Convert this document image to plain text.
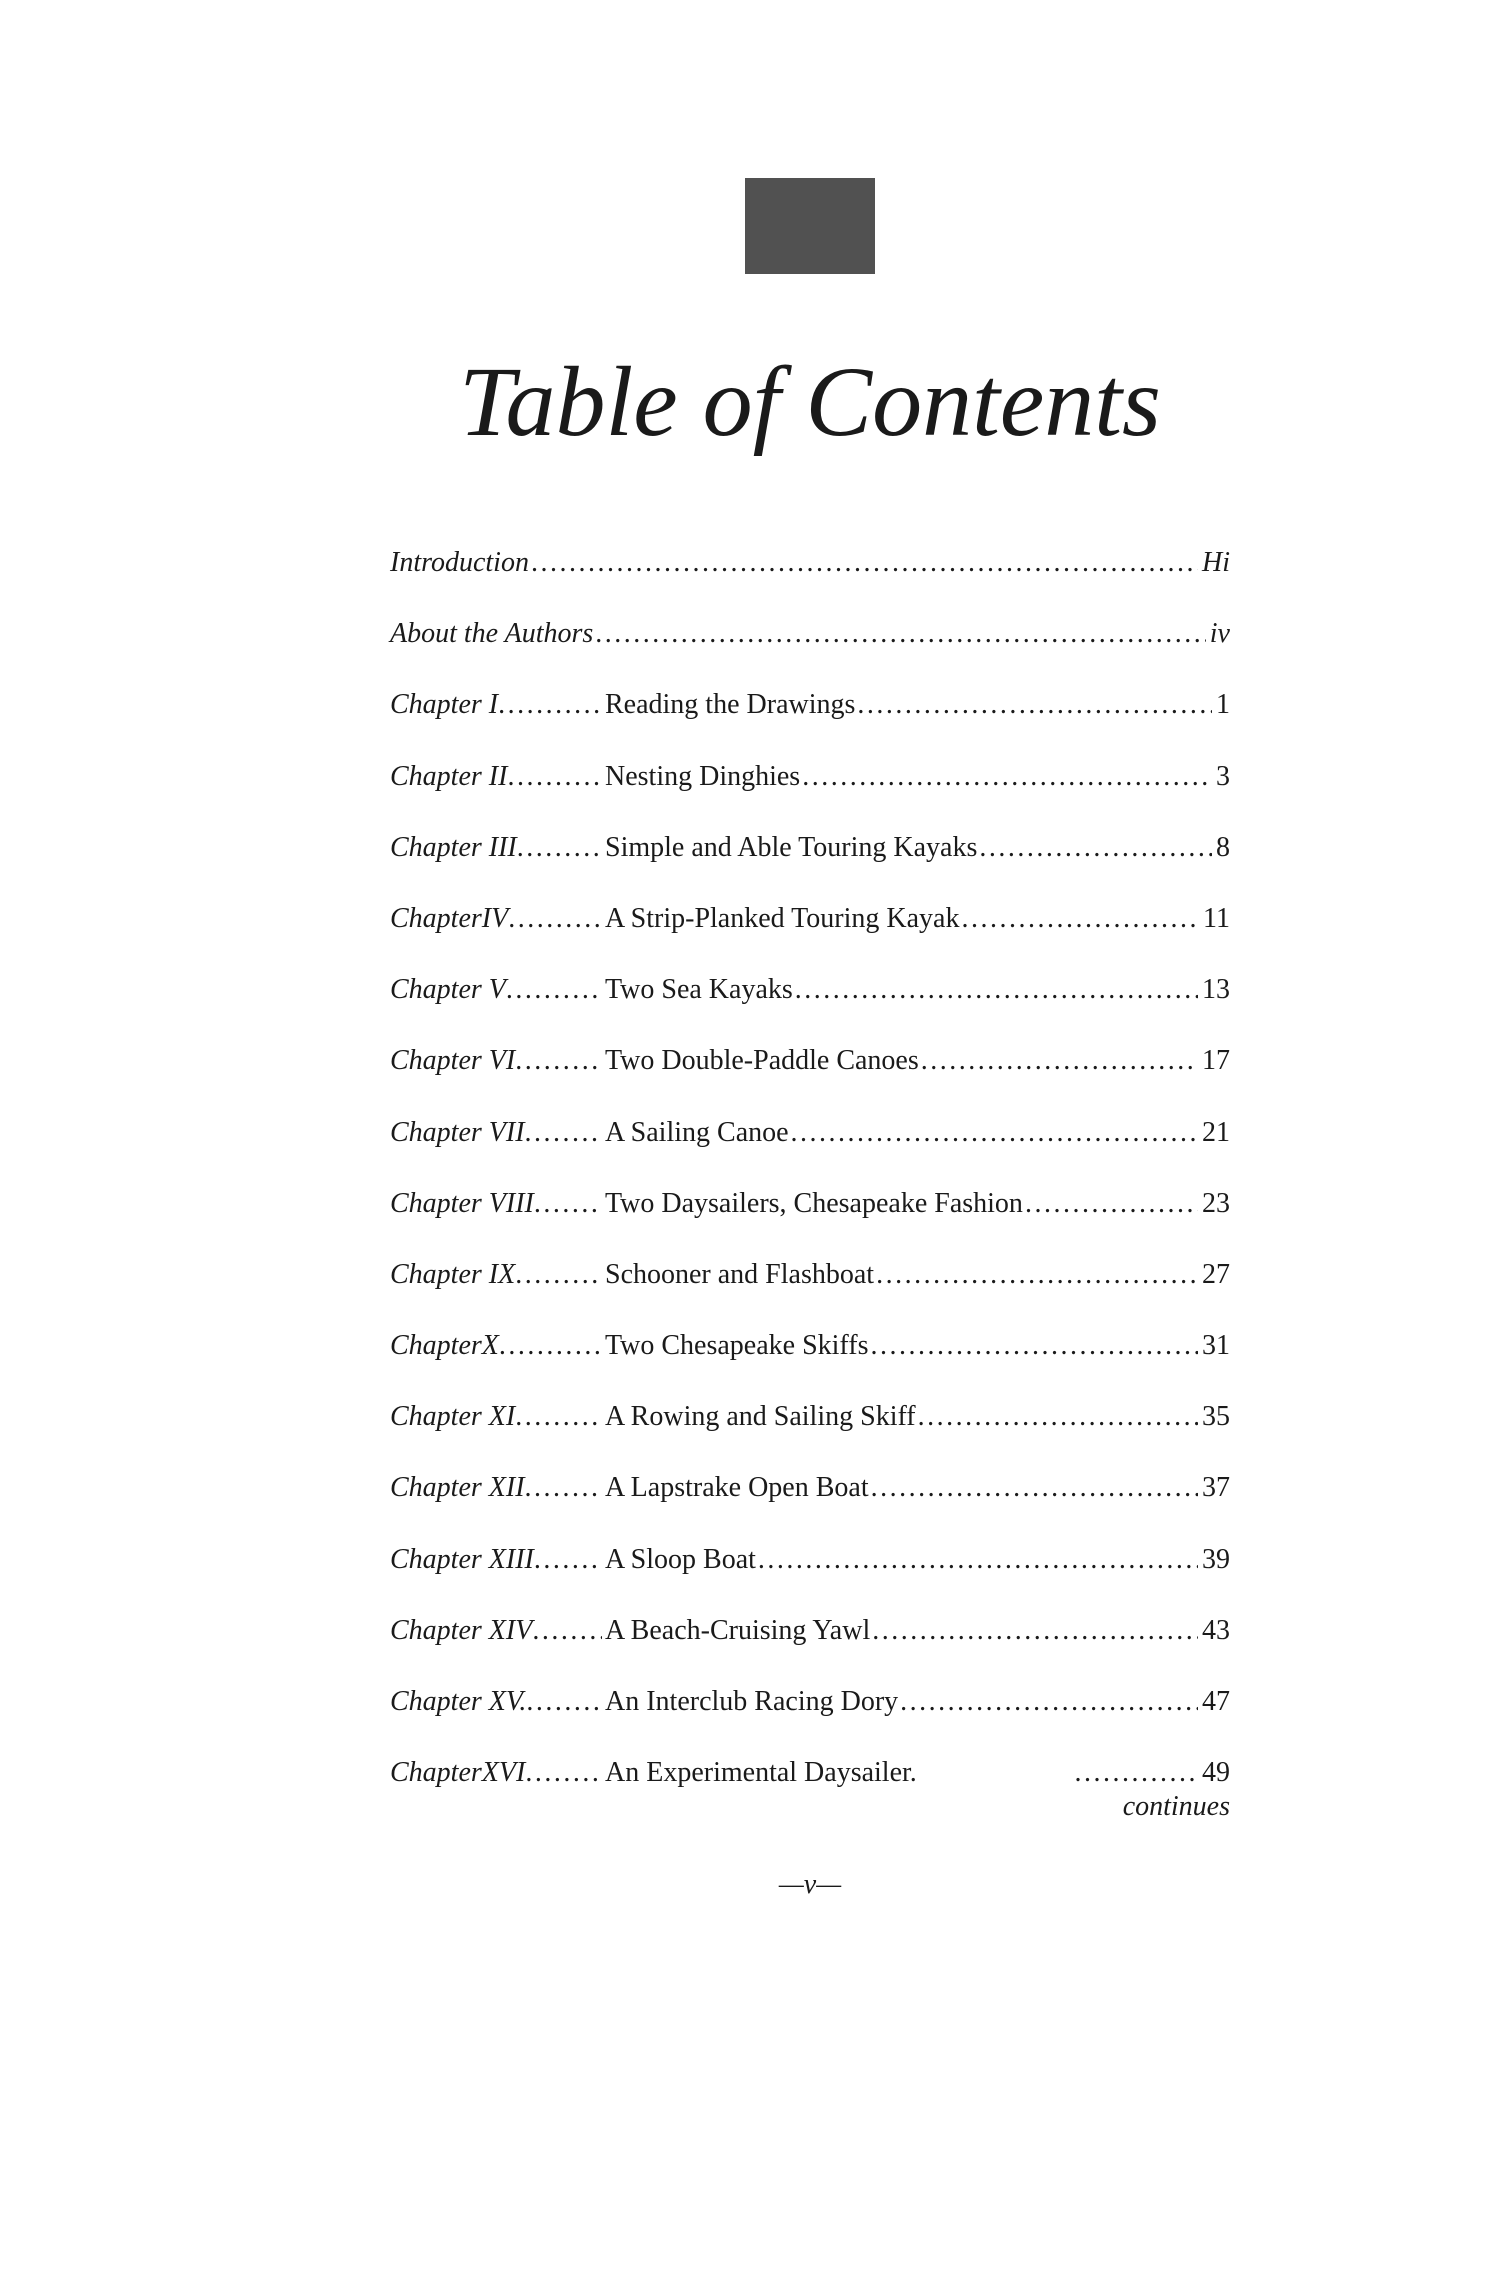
Table of Contents
Introduction .....	Hi
About the Authors .....	iv
Chapter I .....	Reading the Drawings .....	1
Chapter II .....	Nesting Dinghies .....	3
Chapter III .....	Simple and Able Touring Kayaks .....	8
ChapterIV .....	A Strip-Planked Touring Kayak .....	11
Chapter V .....	Two Sea Kayaks .....	13
Chapter VI .....	Two Double-Paddle Canoes .....	17
Chapter VII .....	A Sailing Canoe .....	21
Chapter VIII .....	Two Daysailers, Chesapeake Fashion .....	23
Chapter IX .....	Schooner and Flashboat .....	27
ChapterX .....	Two Chesapeake Skiffs .....	31
Chapter XI .....	A Rowing and Sailing Skiff .....	35
Chapter XII .....	A Lapstrake Open Boat .....	37
Chapter XIII .....	A Sloop Boat .....	39
Chapter XIV .....	A Beach-Cruising Yawl .....	43
Chapter XV. .....	An Interclub Racing Dory .....	47
ChapterXVI .....	An Experimental Daysailer. .....	49
continues
—v—
